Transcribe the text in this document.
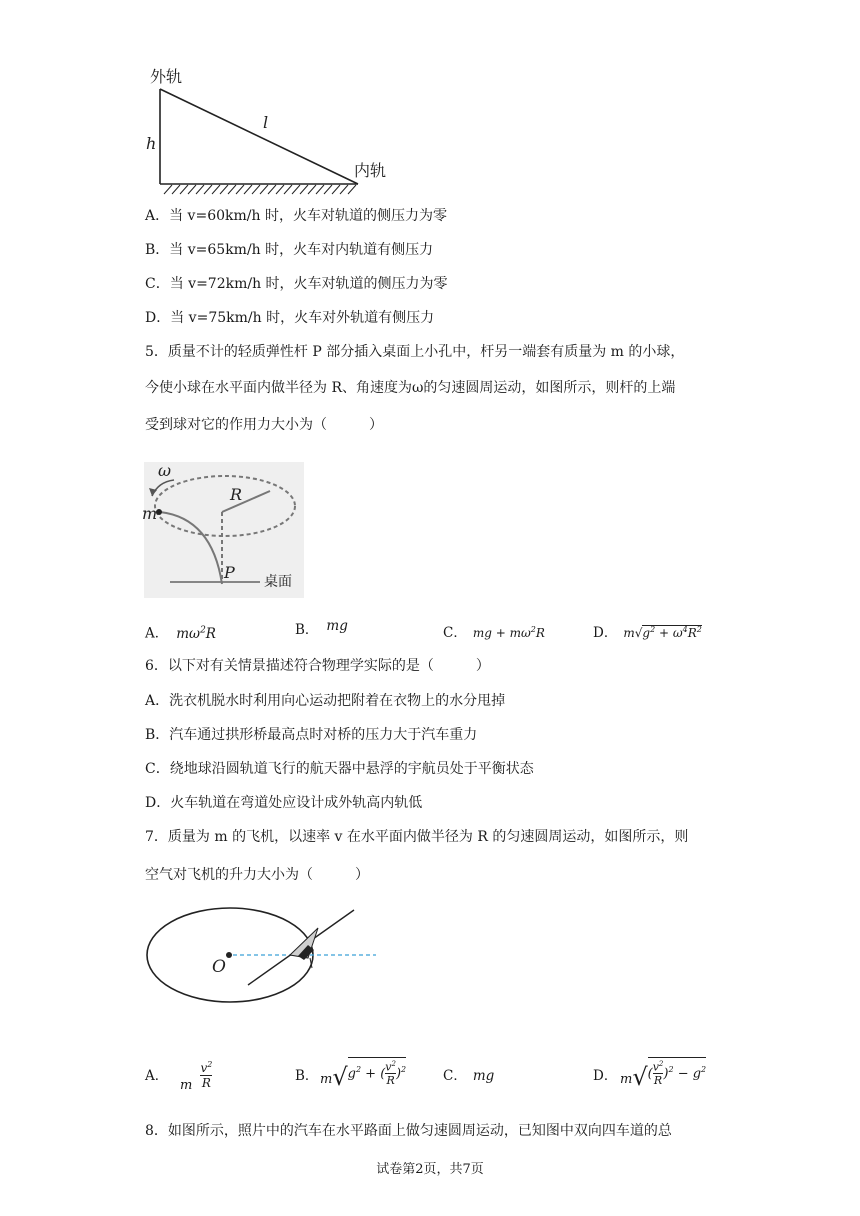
外轨
内轨
h
l
A．当 v=60km/h 时，火车对轨道的侧压力为零
B．当 v=65km/h 时，火车对内轨道有侧压力
C．当 v=72km/h 时，火车对轨道的侧压力为零
D．当 v=75km/h 时，火车对外轨道有侧压力
5．质量不计的轻质弹性杆 P 部分插入桌面上小孔中，杆另一端套有质量为 m 的小球，
今使小球在水平面内做半径为 R、角速度为ω的匀速圆周运动，如图所示，则杆的上端
受到球对它的作用力大小为（　　　）
ω
m
R
P 桌面
A． $m\omega^2R$	B． mg	C． mg + $m\omega^2R$	D． $m√g^2 + \omega^4R^2$
6．以下对有关情景描述符合物理学实际的是（　　　）
A．洗衣机脱水时利用向心运动把附着在衣物上的水分甩掉
B．汽车通过拱形桥最高点时对桥的压力大于汽车重力
C．绕地球沿圆轨道飞行的航天器中悬浮的宇航员处于平衡状态
D．火车轨道在弯道处应设计成外轨高内轨低
7．质量为 m 的飞机，以速率 v 在水平面内做半径为 R 的匀速圆周运动，如图所示，则
空气对飞机的升力大小为（　　　）
O
A．
m $\frac{v^2}{R}$	B． $m√g^2$ + ( $\frac{v^2}{R} )^2$	C． mg	D． $m√( \frac{v^2}{R} )^2 - g^2$
8．如图所示，照片中的汽车在水平路面上做匀速圆周运动，已知图中双向四车道的总
试卷第2页，共7页
